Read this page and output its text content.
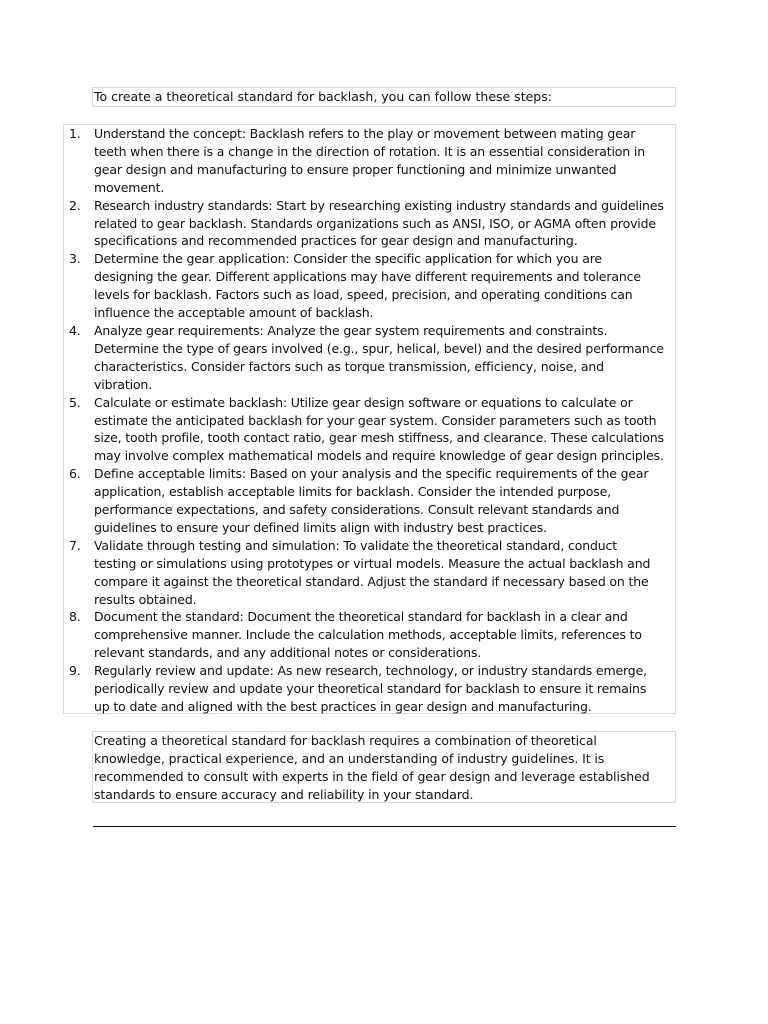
To create a theoretical standard for backlash, you can follow these steps:
1. Understand the concept: Backlash refers to the play or movement between mating gear
teeth when there is a change in the direction of rotation. It is an essential consideration in
gear design and manufacturing to ensure proper functioning and minimize unwanted
movement.
2. Research industry standards: Start by researching existing industry standards and guidelines
related to gear backlash. Standards organizations such as ANSI, ISO, or AGMA often provide
specifications and recommended practices for gear design and manufacturing.
3. Determine the gear application: Consider the specific application for which you are
designing the gear. Different applications may have different requirements and tolerance
levels for backlash. Factors such as load, speed, precision, and operating conditions can
influence the acceptable amount of backlash.
4. Analyze gear requirements: Analyze the gear system requirements and constraints.
Determine the type of gears involved (e.g., spur, helical, bevel) and the desired performance
characteristics. Consider factors such as torque transmission, efficiency, noise, and
vibration.
5. Calculate or estimate backlash: Utilize gear design software or equations to calculate or
estimate the anticipated backlash for your gear system. Consider parameters such as tooth
size, tooth profile, tooth contact ratio, gear mesh stiffness, and clearance. These calculations
may involve complex mathematical models and require knowledge of gear design principles.
6. Define acceptable limits: Based on your analysis and the specific requirements of the gear
application, establish acceptable limits for backlash. Consider the intended purpose,
performance expectations, and safety considerations. Consult relevant standards and
guidelines to ensure your defined limits align with industry best practices.
7. Validate through testing and simulation: To validate the theoretical standard, conduct
testing or simulations using prototypes or virtual models. Measure the actual backlash and
compare it against the theoretical standard. Adjust the standard if necessary based on the
results obtained.
8. Document the standard: Document the theoretical standard for backlash in a clear and
comprehensive manner. Include the calculation methods, acceptable limits, references to
relevant standards, and any additional notes or considerations.
9. Regularly review and update: As new research, technology, or industry standards emerge,
periodically review and update your theoretical standard for backlash to ensure it remains
up to date and aligned with the best practices in gear design and manufacturing.
Creating a theoretical standard for backlash requires a combination of theoretical
knowledge, practical experience, and an understanding of industry guidelines. It is
recommended to consult with experts in the field of gear design and leverage established
standards to ensure accuracy and reliability in your standard.
